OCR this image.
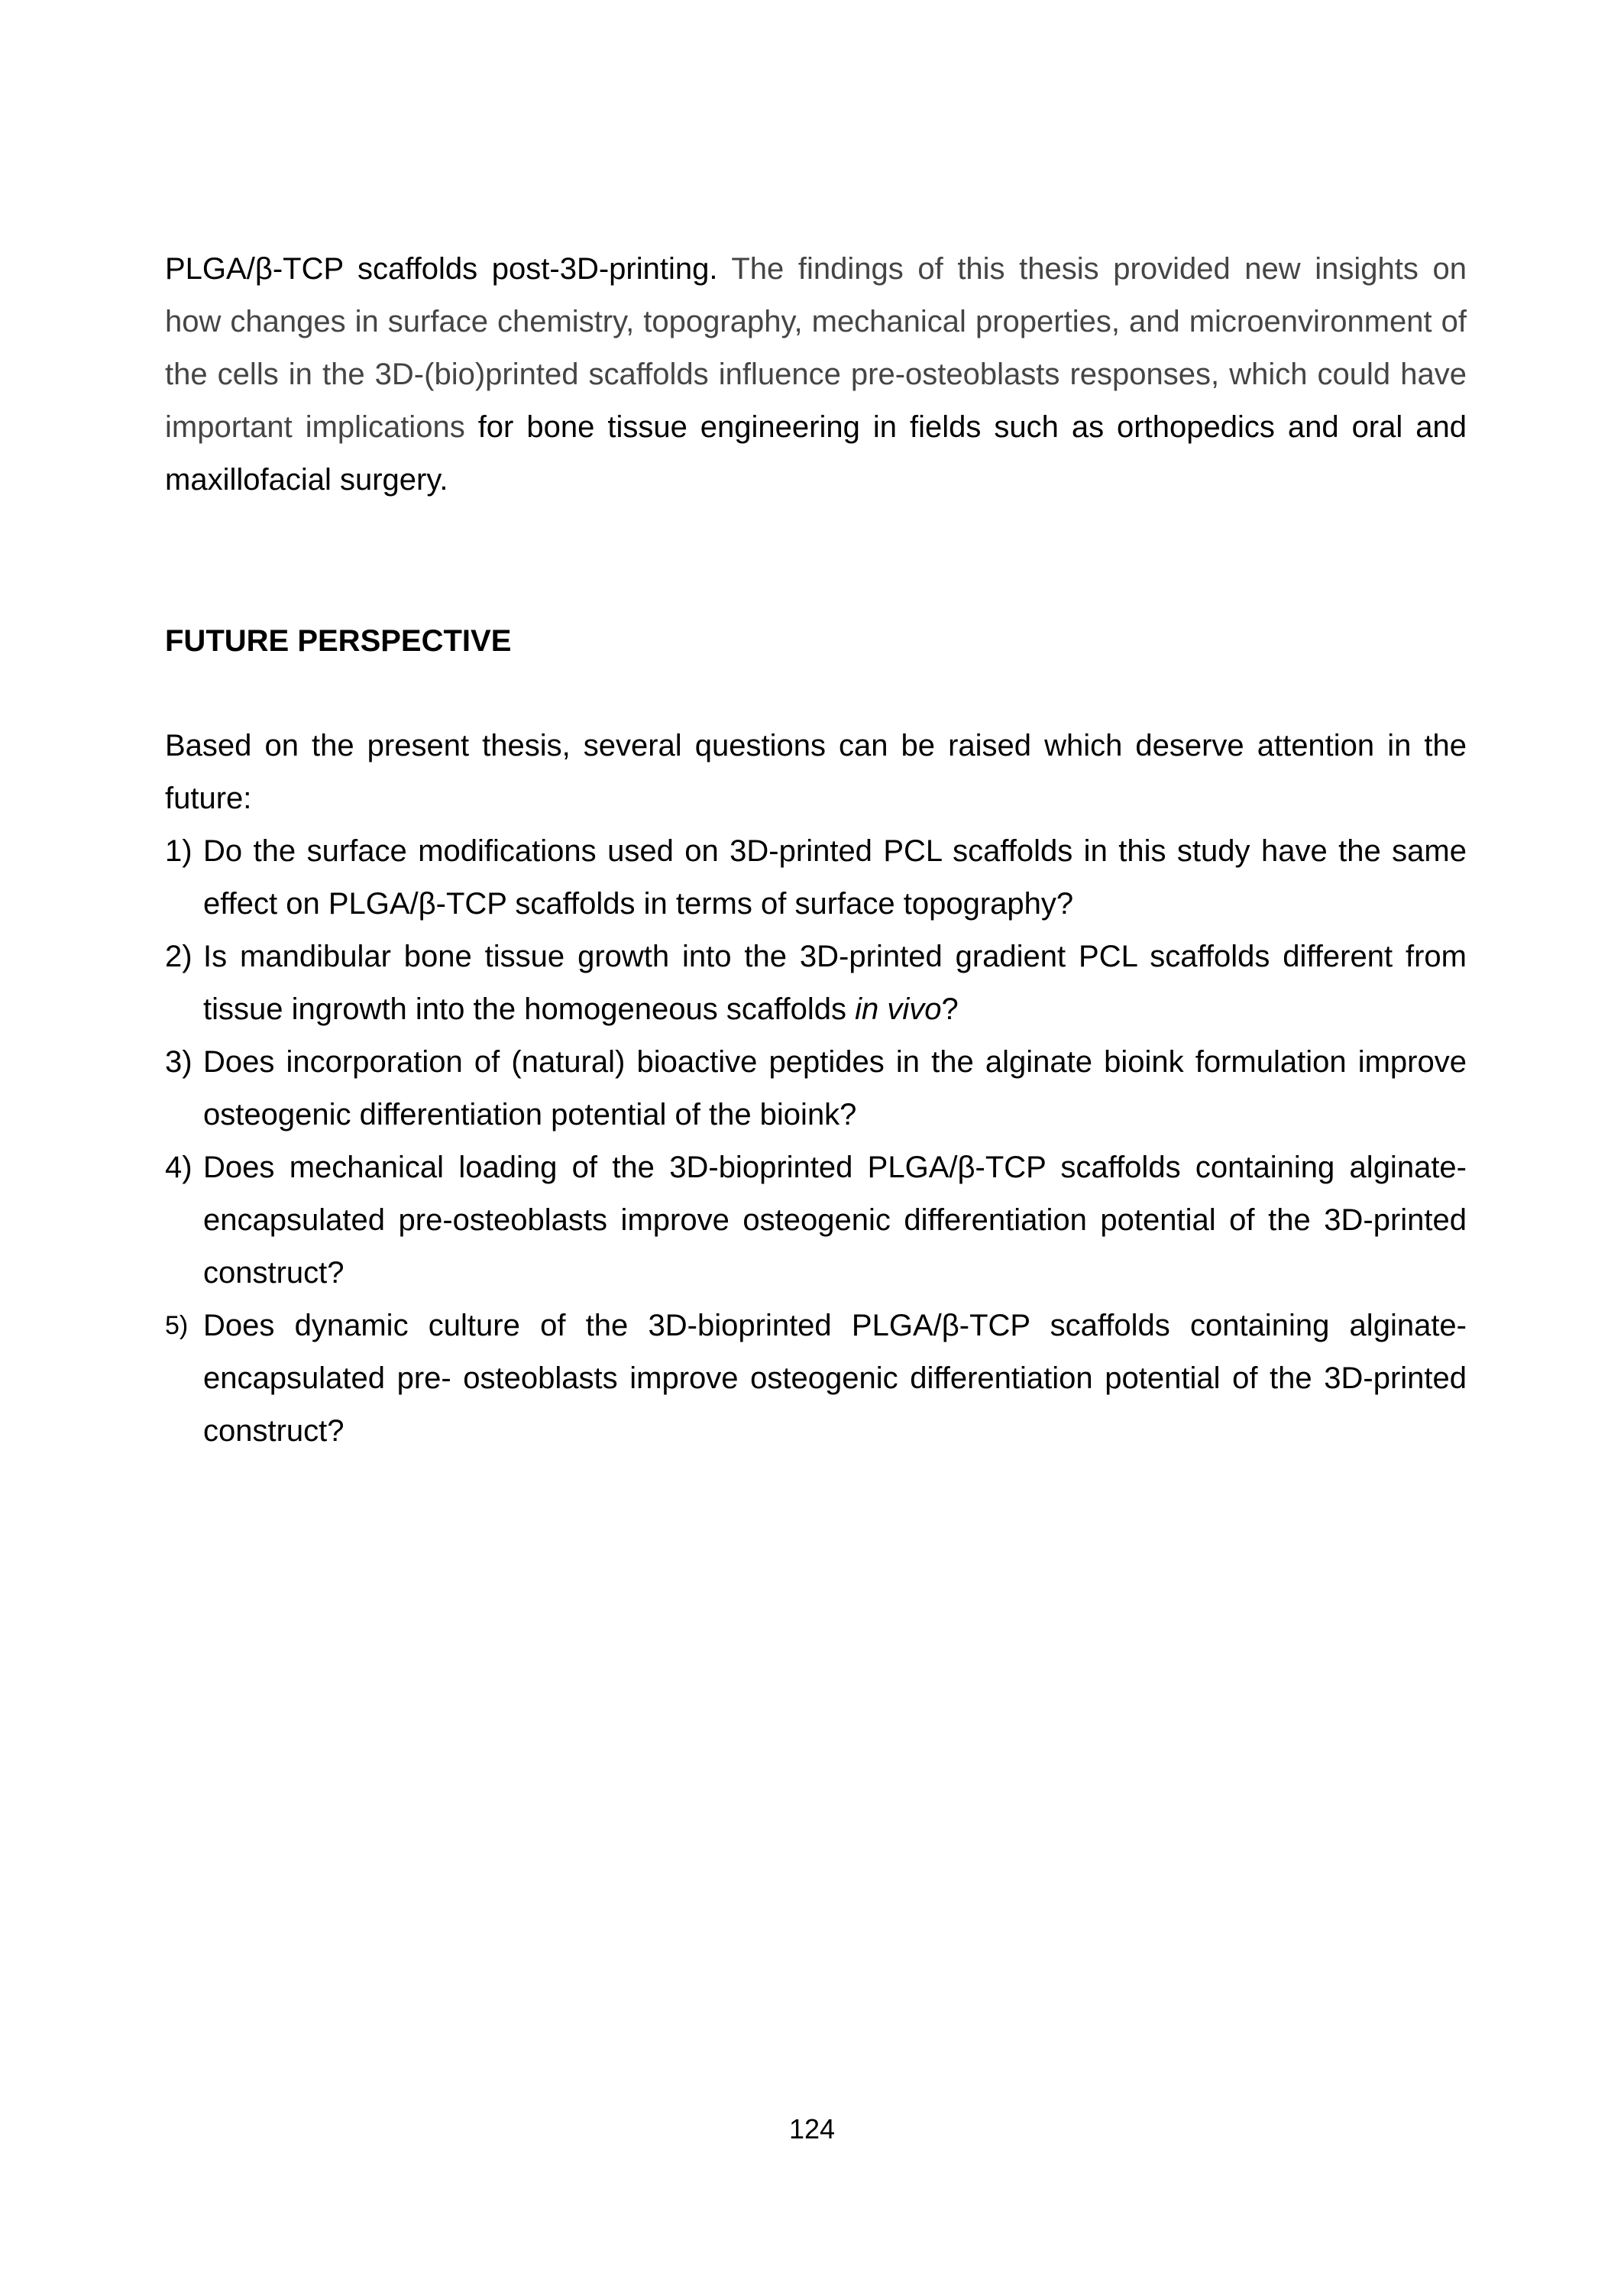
PLGA/β-TCP scaffolds post-3D-printing. The findings of this thesis provided new insights on how changes in surface chemistry, topography, mechanical properties, and microenvironment of the cells in the 3D-(bio)printed scaffolds influence pre-osteoblasts responses, which could have important implications for bone tissue engineering in fields such as orthopedics and oral and maxillofacial surgery.

FUTURE PERSPECTIVE

Based on the present thesis, several questions can be raised which deserve attention in the future:

1) Do the surface modifications used on 3D-printed PCL scaffolds in this study have the same effect on PLGA/β-TCP scaffolds in terms of surface topography?
2) Is mandibular bone tissue growth into the 3D-printed gradient PCL scaffolds different from tissue ingrowth into the homogeneous scaffolds in vivo?
3) Does incorporation of (natural) bioactive peptides in the alginate bioink formulation improve osteogenic differentiation potential of the bioink?
4) Does mechanical loading of the 3D-bioprinted PLGA/β-TCP scaffolds containing alginate-encapsulated pre-osteoblasts improve osteogenic differentiation potential of the 3D-printed construct?
5) Does dynamic culture of the 3D-bioprinted PLGA/β-TCP scaffolds containing alginate-encapsulated pre- osteoblasts improve osteogenic differentiation potential of the 3D-printed construct?
124
